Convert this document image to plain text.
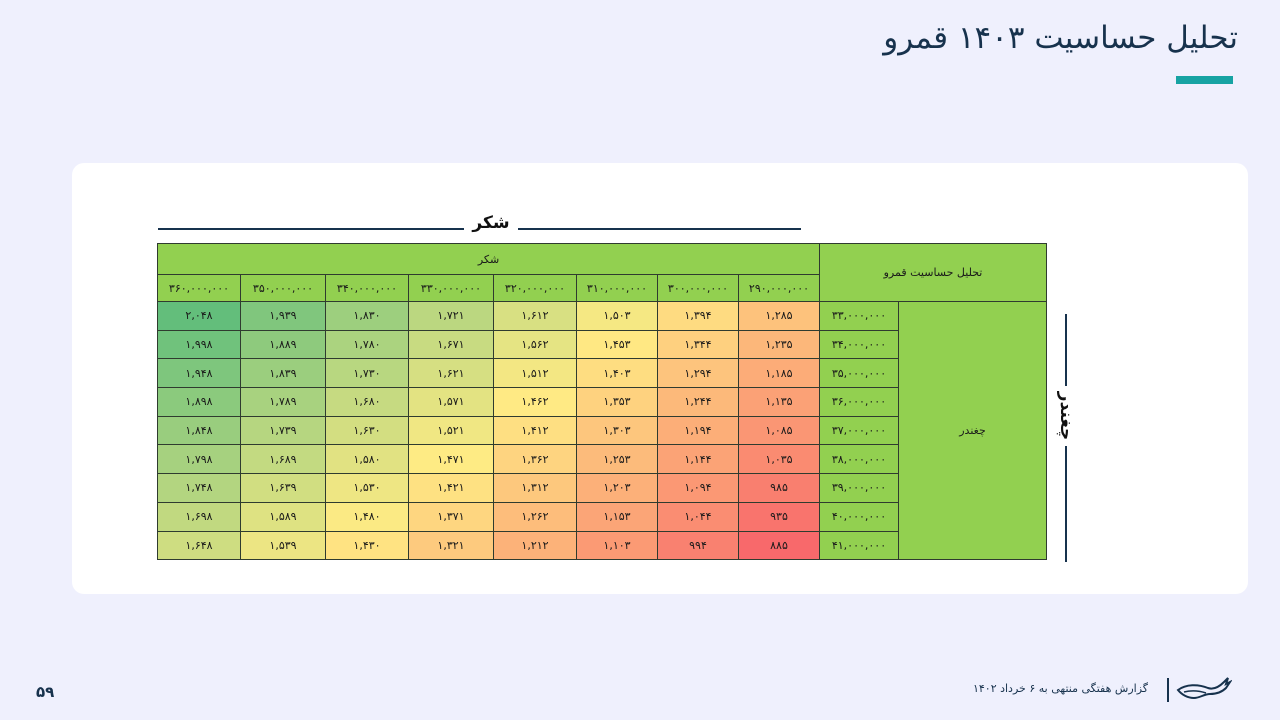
تحلیل حساسیت ۱۴۰۳ قمرو
شکر
چغندر
شکر								تحلیل حساسیت قمرو	
۳۶۰,۰۰۰,۰۰۰	۳۵۰,۰۰۰,۰۰۰	۳۴۰,۰۰۰,۰۰۰	۳۳۰,۰۰۰,۰۰۰	۳۲۰,۰۰۰,۰۰۰	۳۱۰,۰۰۰,۰۰۰	۳۰۰,۰۰۰,۰۰۰	۲۹۰,۰۰۰,۰۰۰		
۲,۰۴۸	۱,۹۳۹	۱,۸۳۰	۱,۷۲۱	۱,۶۱۲	۱,۵۰۳	۱,۳۹۴	۱,۲۸۵	۳۳,۰۰۰,۰۰۰	چغندر
۱,۹۹۸	۱,۸۸۹	۱,۷۸۰	۱,۶۷۱	۱,۵۶۲	۱,۴۵۳	۱,۳۴۴	۱,۲۳۵	۳۴,۰۰۰,۰۰۰	
۱,۹۴۸	۱,۸۳۹	۱,۷۳۰	۱,۶۲۱	۱,۵۱۲	۱,۴۰۳	۱,۲۹۴	۱,۱۸۵	۳۵,۰۰۰,۰۰۰	
۱,۸۹۸	۱,۷۸۹	۱,۶۸۰	۱,۵۷۱	۱,۴۶۲	۱,۳۵۳	۱,۲۴۴	۱,۱۳۵	۳۶,۰۰۰,۰۰۰	
۱,۸۴۸	۱,۷۳۹	۱,۶۳۰	۱,۵۲۱	۱,۴۱۲	۱,۳۰۳	۱,۱۹۴	۱,۰۸۵	۳۷,۰۰۰,۰۰۰	
۱,۷۹۸	۱,۶۸۹	۱,۵۸۰	۱,۴۷۱	۱,۳۶۲	۱,۲۵۳	۱,۱۴۴	۱,۰۳۵	۳۸,۰۰۰,۰۰۰	
۱,۷۴۸	۱,۶۳۹	۱,۵۳۰	۱,۴۲۱	۱,۳۱۲	۱,۲۰۳	۱,۰۹۴	۹۸۵	۳۹,۰۰۰,۰۰۰	
۱,۶۹۸	۱,۵۸۹	۱,۴۸۰	۱,۳۷۱	۱,۲۶۲	۱,۱۵۳	۱,۰۴۴	۹۳۵	۴۰,۰۰۰,۰۰۰	
۱,۶۴۸	۱,۵۳۹	۱,۴۳۰	۱,۳۲۱	۱,۲۱۲	۱,۱۰۳	۹۹۴	۸۸۵	۴۱,۰۰۰,۰۰۰	
گزارش هفتگی منتهی به ۶ خرداد ۱۴۰۲
۵۹
